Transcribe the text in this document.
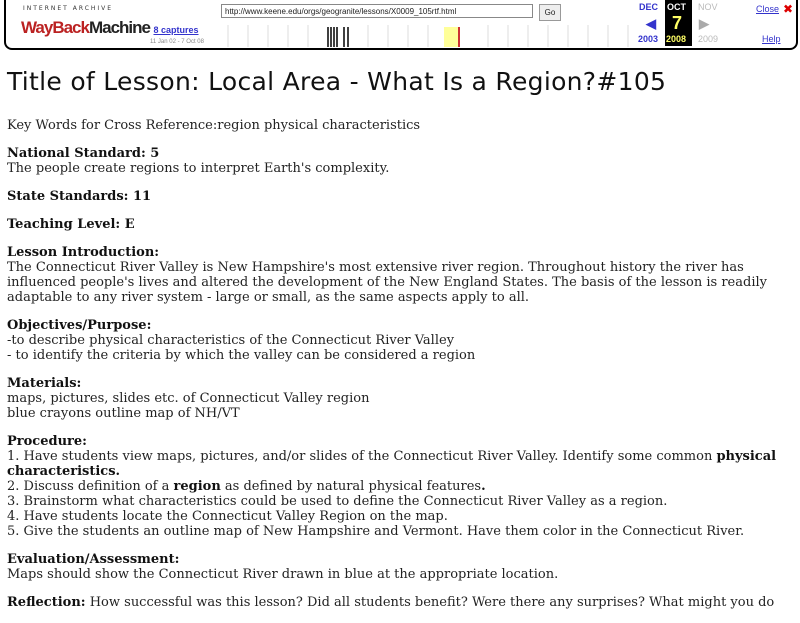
INTERNET ARCHIVE
WayBackMachine
http://www.keene.edu/orgs/geogranite/lessons/X0009_105rtf.html	Go
8 captures
11 Jan 02 - 7 Oct 08
DEC
◀
2003
OCT
7
2008
NOV
▶
2009
Close ✖
Help
Title of Lesson: Local Area - What Is a Region?#105

Key Words for Cross Reference:region physical characteristics

National Standard: 5
The people create regions to interpret Earth's complexity.

State Standards: 11

Teaching Level: E

Lesson Introduction:
The Connecticut River Valley is New Hampshire's most extensive river region. Throughout history the river has influenced people's lives and altered the development of the New England States. The basis of the lesson is readily adaptable to any river system - large or small, as the same aspects apply to all.

Objectives/Purpose:
-to describe physical characteristics of the Connecticut River Valley
- to identify the criteria by which the valley can be considered a region

Materials:
maps, pictures, slides etc. of Connecticut Valley region
blue crayons outline map of NH/VT

Procedure:
1. Have students view maps, pictures, and/or slides of the Connecticut River Valley. Identify some common physical characteristics.
2. Discuss definition of a region as defined by natural physical features.
3. Brainstorm what characteristics could be used to define the Connecticut River Valley as a region.
4. Have students locate the Connecticut Valley Region on the map.
5. Give the students an outline map of New Hampshire and Vermont. Have them color in the Connecticut River.

Evaluation/Assessment:
Maps should show the Connecticut River drawn in blue at the appropriate location.

Reflection: How successful was this lesson? Did all students benefit? Were there any surprises? What might you do
